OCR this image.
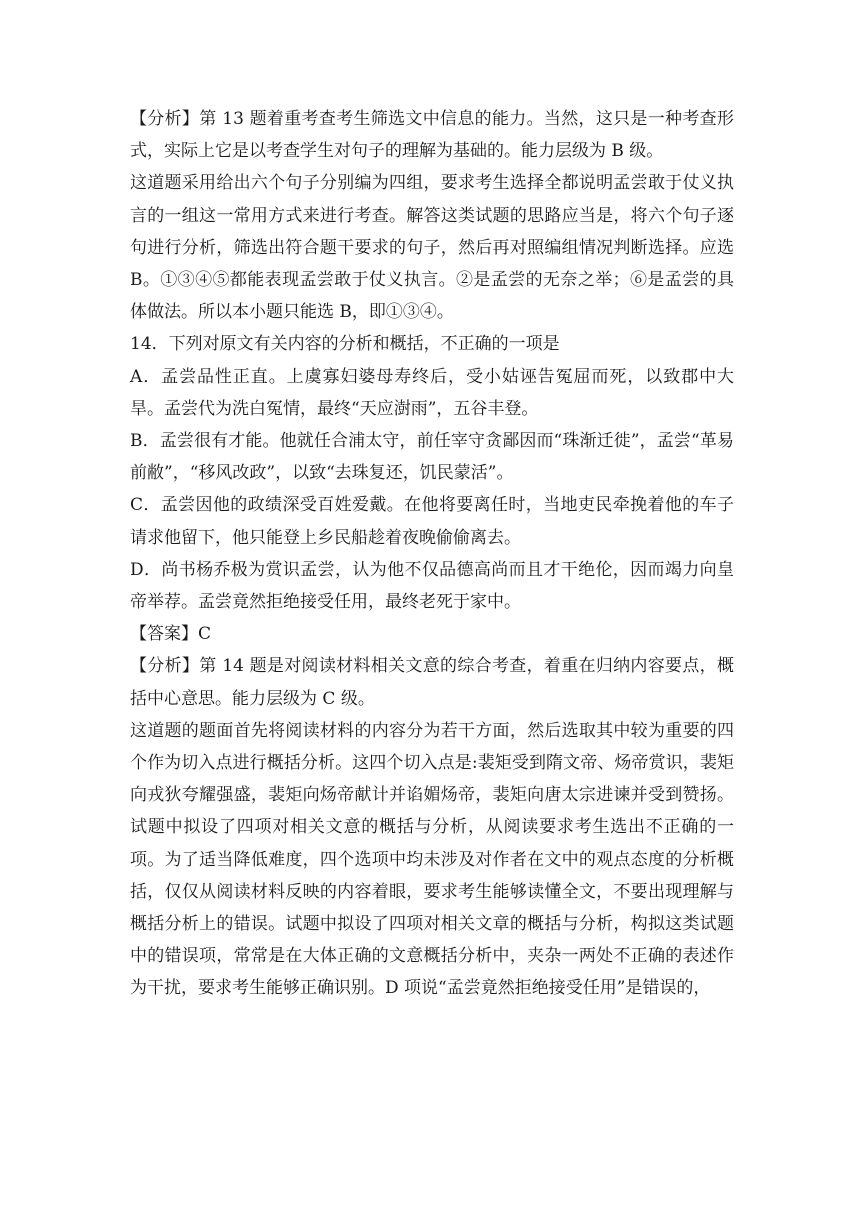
【分析】第 13 题着重考查考生筛选文中信息的能力。当然，这只是一种考查形式，实际上它是以考查学生对句子的理解为基础的。能力层级为 B 级。

这道题采用给出六个句子分别编为四组，要求考生选择全都说明孟尝敢于仗义执言的一组这一常用方式来进行考查。解答这类试题的思路应当是，将六个句子逐句进行分析，筛选出符合题干要求的句子，然后再对照编组情况判断选择。应选 B。①③④⑤都能表现孟尝敢于仗义执言。②是孟尝的无奈之举；⑥是孟尝的具体做法。所以本小题只能选 B，即①③④。

14．下列对原文有关内容的分析和概括，不正确的一项是

A．孟尝品性正直。上虞寡妇婆母寿终后，受小姑诬告冤屈而死，以致郡中大旱。孟尝代为洗白冤情，最终“天应澍雨”，五谷丰登。

B．孟尝很有才能。他就任合浦太守，前任宰守贪鄙因而“珠渐迁徙”，孟尝“革易前敝”，“移风改政”，以致“去珠复还，饥民蒙活”。

C．孟尝因他的政绩深受百姓爱戴。在他将要离任时，当地吏民牵挽着他的车子请求他留下，他只能登上乡民船趁着夜晚偷偷离去。

D．尚书杨乔极为赏识孟尝，认为他不仅品德高尚而且才干绝伦，因而竭力向皇帝举荐。孟尝竟然拒绝接受任用，最终老死于家中。

【答案】C

【分析】第 14 题是对阅读材料相关文意的综合考查，着重在归纳内容要点，概括中心意思。能力层级为 C 级。

这道题的题面首先将阅读材料的内容分为若干方面，然后选取其中较为重要的四个作为切入点进行概括分析。这四个切入点是:裴矩受到隋文帝、炀帝赏识，裴矩向戎狄夸耀强盛，裴矩向炀帝献计并谄媚炀帝，裴矩向唐太宗进谏并受到赞扬。试题中拟设了四项对相关文意的概括与分析，从阅读要求考生选出不正确的一项。为了适当降低难度，四个选项中均未涉及对作者在文中的观点态度的分析概括，仅仅从阅读材料反映的内容着眼，要求考生能够读懂全文，不要出现理解与概括分析上的错误。试题中拟设了四项对相关文章的概括与分析，构拟这类试题中的错误项，常常是在大体正确的文意概括分析中，夹杂一两处不正确的表述作为干扰，要求考生能够正确识别。D 项说“孟尝竟然拒绝接受任用”是错误的，
